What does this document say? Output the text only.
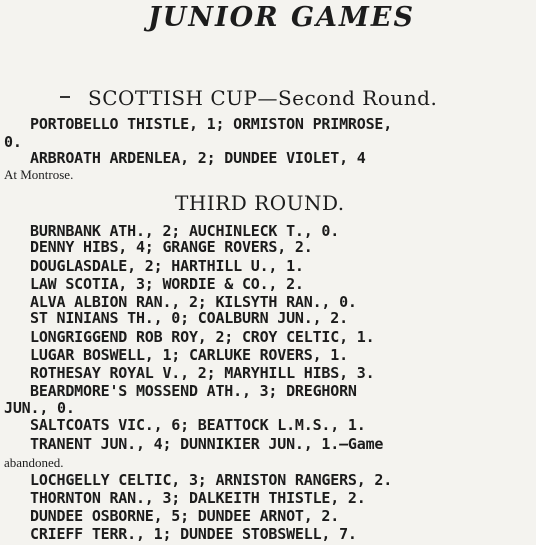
JUNIOR GAMES
SCOTTISH CUP—Second Round.
PORTOBELLO THISTLE, 1; ORMISTON PRIMROSE,
0.
ARBROATH ARDENLEA, 2; DUNDEE VIOLET, 4
At Montrose.
THIRD ROUND.
BURNBANK ATH., 2; AUCHINLECK T., 0.
DENNY HIBS, 4; GRANGE ROVERS, 2.
DOUGLASDALE, 2; HARTHILL U., 1.
LAW SCOTIA, 3; WORDIE & CO., 2.
ALVA ALBION RAN., 2; KILSYTH RAN., 0.
ST NINIANS TH., 0; COALBURN JUN., 2.
LONGRIGGEND ROB ROY, 2; CROY CELTIC, 1.
LUGAR BOSWELL, 1; CARLUKE ROVERS, 1.
ROTHESAY ROYAL V., 2; MARYHILL HIBS, 3.
BEARDMORE'S MOSSEND ATH., 3; DREGHORN
JUN., 0.
SALTCOATS VIC., 6; BEATTOCK L.M.S., 1.
TRANENT JUN., 4; DUNNIKIER JUN., 1.—Game
abandoned.
LOCHGELLY CELTIC, 3; ARNISTON RANGERS, 2.
THORNTON RAN., 3; DALKEITH THISTLE, 2.
DUNDEE OSBORNE, 5; DUNDEE ARNOT, 2.
CRIEFF TERR., 1; DUNDEE STOBSWELL, 7.
